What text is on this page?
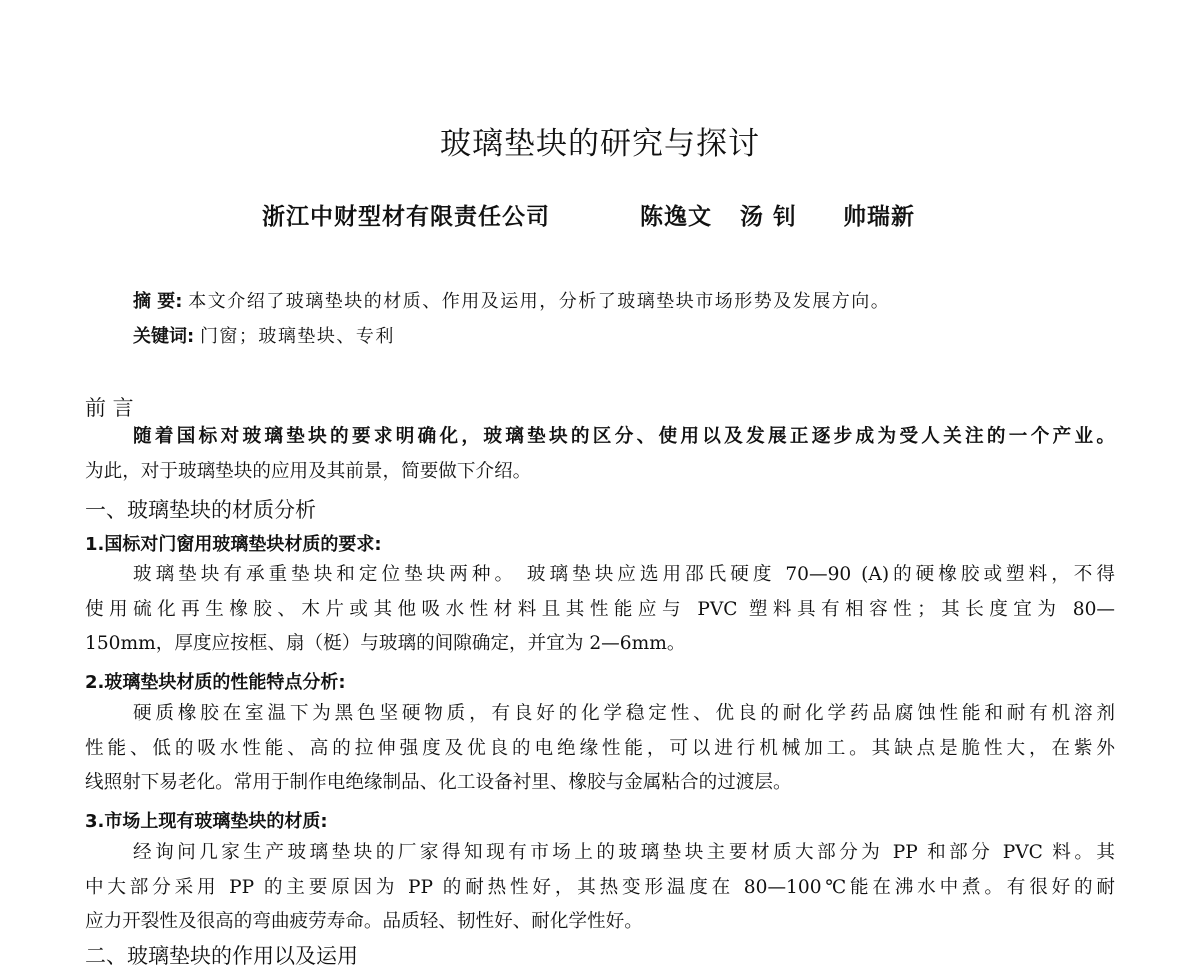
玻璃垫块的研究与探讨
浙江中财型材有限责任公司	陈逸文 汤 钊 帅瑞新
摘 要: 本文介绍了玻璃垫块的材质、作用及运用，分析了玻璃垫块市场形势及发展方向。
关键词: 门窗；玻璃垫块、专利
前 言
随着国标对玻璃垫块的要求明确化，玻璃垫块的区分、使用以及发展正逐步成为受人关注的一个产业。
为此，对于玻璃垫块的应用及其前景，简要做下介绍。
一、玻璃垫块的材质分析
1.国标对门窗用玻璃垫块材质的要求:
玻璃垫块有承重垫块和定位垫块两种。 玻璃垫块应选用邵氏硬度 70—90 (A)的硬橡胶或塑料，不得
使用硫化再生橡胶、木片或其他吸水性材料且其性能应与 PVC 塑料具有相容性；其长度宜为 80—
150mm，厚度应按框、扇（梃）与玻璃的间隙确定，并宜为 2—6mm。
2.玻璃垫块材质的性能特点分析:
硬质橡胶在室温下为黑色坚硬物质，有良好的化学稳定性、优良的耐化学药品腐蚀性能和耐有机溶剂
性能、低的吸水性能、高的拉伸强度及优良的电绝缘性能，可以进行机械加工。其缺点是脆性大，在紫外
线照射下易老化。常用于制作电绝缘制品、化工设备衬里、橡胶与金属粘合的过渡层。
3.市场上现有玻璃垫块的材质:
经询问几家生产玻璃垫块的厂家得知现有市场上的玻璃垫块主要材质大部分为 PP 和部分 PVC 料。其
中大部分采用 PP 的主要原因为 PP 的耐热性好，其热变形温度在 80—100℃能在沸水中煮。有很好的耐
应力开裂性及很高的弯曲疲劳寿命。品质轻、韧性好、耐化学性好。
二、玻璃垫块的作用以及运用
